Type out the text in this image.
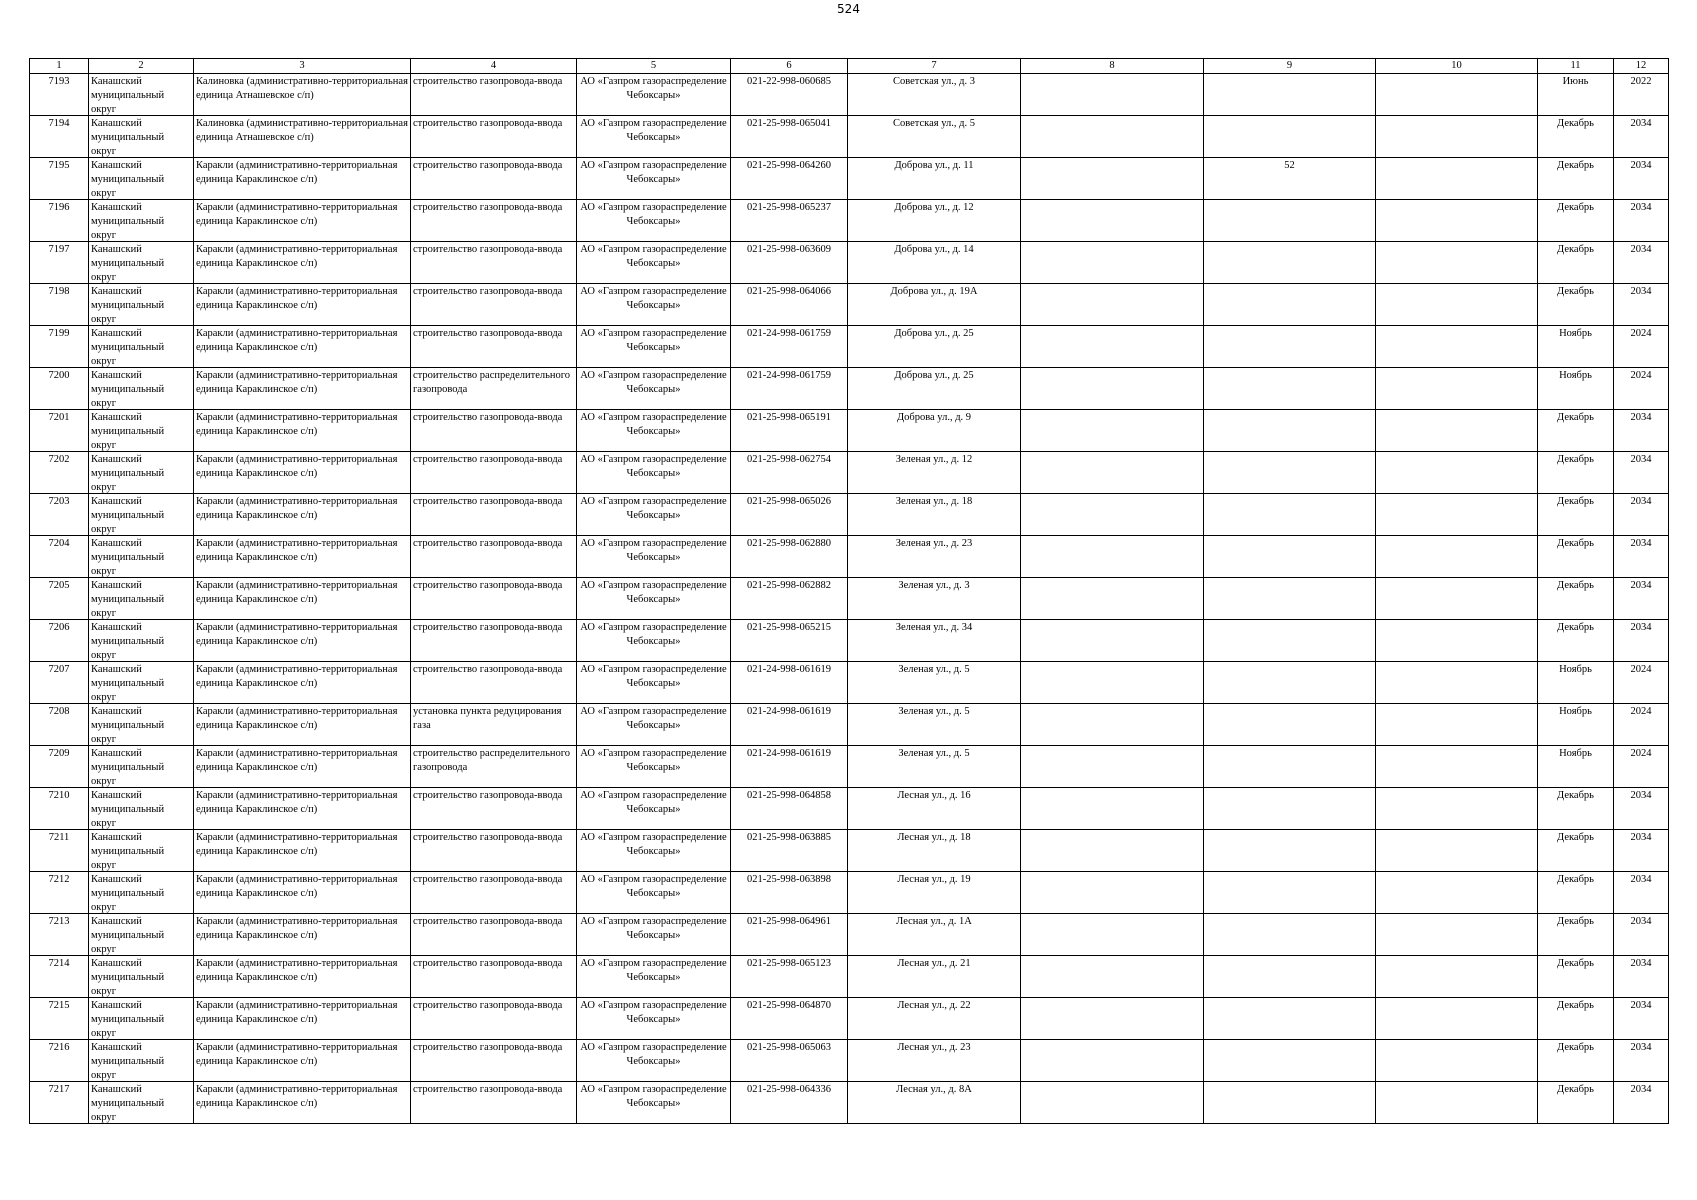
524
1	2	3	4	5	6	7	8	9	10	11	12

7193	Канашский муниципальный округ	Калиновка (административно-территориальная единица Атнашевское с/п)	строительство газопровода-ввода	АО «Газпром газораспределение Чебоксары»	021-22-998-060685	Советская ул., д. 3				Июнь	2022

7194	Канашский муниципальный округ	Калиновка (административно-территориальная единица Атнашевское с/п)	строительство газопровода-ввода	АО «Газпром газораспределение Чебоксары»	021-25-998-065041	Советская ул., д. 5				Декабрь	2034

7195	Канашский муниципальный округ	Каракли (административно-территориальная единица Караклинское с/п)	строительство газопровода-ввода	АО «Газпром газораспределение Чебоксары»	021-25-998-064260	Доброва ул., д. 11		52		Декабрь	2034

7196	Канашский муниципальный округ	Каракли (административно-территориальная единица Караклинское с/п)	строительство газопровода-ввода	АО «Газпром газораспределение Чебоксары»	021-25-998-065237	Доброва ул., д. 12				Декабрь	2034

7197	Канашский муниципальный округ	Каракли (административно-территориальная единица Караклинское с/п)	строительство газопровода-ввода	АО «Газпром газораспределение Чебоксары»	021-25-998-063609	Доброва ул., д. 14				Декабрь	2034

7198	Канашский муниципальный округ	Каракли (административно-территориальная единица Караклинское с/п)	строительство газопровода-ввода	АО «Газпром газораспределение Чебоксары»	021-25-998-064066	Доброва ул., д. 19А				Декабрь	2034

7199	Канашский муниципальный округ	Каракли (административно-территориальная единица Караклинское с/п)	строительство газопровода-ввода	АО «Газпром газораспределение Чебоксары»	021-24-998-061759	Доброва ул., д. 25				Ноябрь	2024

7200	Канашский муниципальный округ	Каракли (административно-территориальная единица Караклинское с/п)	строительство распределительного газопровода	АО «Газпром газораспределение Чебоксары»	021-24-998-061759	Доброва ул., д. 25				Ноябрь	2024

7201	Канашский муниципальный округ	Каракли (административно-территориальная единица Караклинское с/п)	строительство газопровода-ввода	АО «Газпром газораспределение Чебоксары»	021-25-998-065191	Доброва ул., д. 9				Декабрь	2034

7202	Канашский муниципальный округ	Каракли (административно-территориальная единица Караклинское с/п)	строительство газопровода-ввода	АО «Газпром газораспределение Чебоксары»	021-25-998-062754	Зеленая ул., д. 12				Декабрь	2034

7203	Канашский муниципальный округ	Каракли (административно-территориальная единица Караклинское с/п)	строительство газопровода-ввода	АО «Газпром газораспределение Чебоксары»	021-25-998-065026	Зеленая ул., д. 18				Декабрь	2034

7204	Канашский муниципальный округ	Каракли (административно-территориальная единица Караклинское с/п)	строительство газопровода-ввода	АО «Газпром газораспределение Чебоксары»	021-25-998-062880	Зеленая ул., д. 23				Декабрь	2034

7205	Канашский муниципальный округ	Каракли (административно-территориальная единица Караклинское с/п)	строительство газопровода-ввода	АО «Газпром газораспределение Чебоксары»	021-25-998-062882	Зеленая ул., д. 3				Декабрь	2034

7206	Канашский муниципальный округ	Каракли (административно-территориальная единица Караклинское с/п)	строительство газопровода-ввода	АО «Газпром газораспределение Чебоксары»	021-25-998-065215	Зеленая ул., д. 34				Декабрь	2034

7207	Канашский муниципальный округ	Каракли (административно-территориальная единица Караклинское с/п)	строительство газопровода-ввода	АО «Газпром газораспределение Чебоксары»	021-24-998-061619	Зеленая ул., д. 5				Ноябрь	2024

7208	Канашский муниципальный округ	Каракли (административно-территориальная единица Караклинское с/п)	установка пункта редуцирования газа	АО «Газпром газораспределение Чебоксары»	021-24-998-061619	Зеленая ул., д. 5				Ноябрь	2024

7209	Канашский муниципальный округ	Каракли (административно-территориальная единица Караклинское с/п)	строительство распределительного газопровода	АО «Газпром газораспределение Чебоксары»	021-24-998-061619	Зеленая ул., д. 5				Ноябрь	2024

7210	Канашский муниципальный округ	Каракли (административно-территориальная единица Караклинское с/п)	строительство газопровода-ввода	АО «Газпром газораспределение Чебоксары»	021-25-998-064858	Лесная ул., д. 16				Декабрь	2034

7211	Канашский муниципальный округ	Каракли (административно-территориальная единица Караклинское с/п)	строительство газопровода-ввода	АО «Газпром газораспределение Чебоксары»	021-25-998-063885	Лесная ул., д. 18				Декабрь	2034

7212	Канашский муниципальный округ	Каракли (административно-территориальная единица Караклинское с/п)	строительство газопровода-ввода	АО «Газпром газораспределение Чебоксары»	021-25-998-063898	Лесная ул., д. 19				Декабрь	2034

7213	Канашский муниципальный округ	Каракли (административно-территориальная единица Караклинское с/п)	строительство газопровода-ввода	АО «Газпром газораспределение Чебоксары»	021-25-998-064961	Лесная ул., д. 1А				Декабрь	2034

7214	Канашский муниципальный округ	Каракли (административно-территориальная единица Караклинское с/п)	строительство газопровода-ввода	АО «Газпром газораспределение Чебоксары»	021-25-998-065123	Лесная ул., д. 21				Декабрь	2034

7215	Канашский муниципальный округ	Каракли (административно-территориальная единица Караклинское с/п)	строительство газопровода-ввода	АО «Газпром газораспределение Чебоксары»	021-25-998-064870	Лесная ул., д. 22				Декабрь	2034

7216	Канашский муниципальный округ	Каракли (административно-территориальная единица Караклинское с/п)	строительство газопровода-ввода	АО «Газпром газораспределение Чебоксары»	021-25-998-065063	Лесная ул., д. 23				Декабрь	2034

7217	Канашский муниципальный округ	Каракли (административно-территориальная единица Караклинское с/п)	строительство газопровода-ввода	АО «Газпром газораспределение Чебоксары»	021-25-998-064336	Лесная ул., д. 8А				Декабрь	2034
